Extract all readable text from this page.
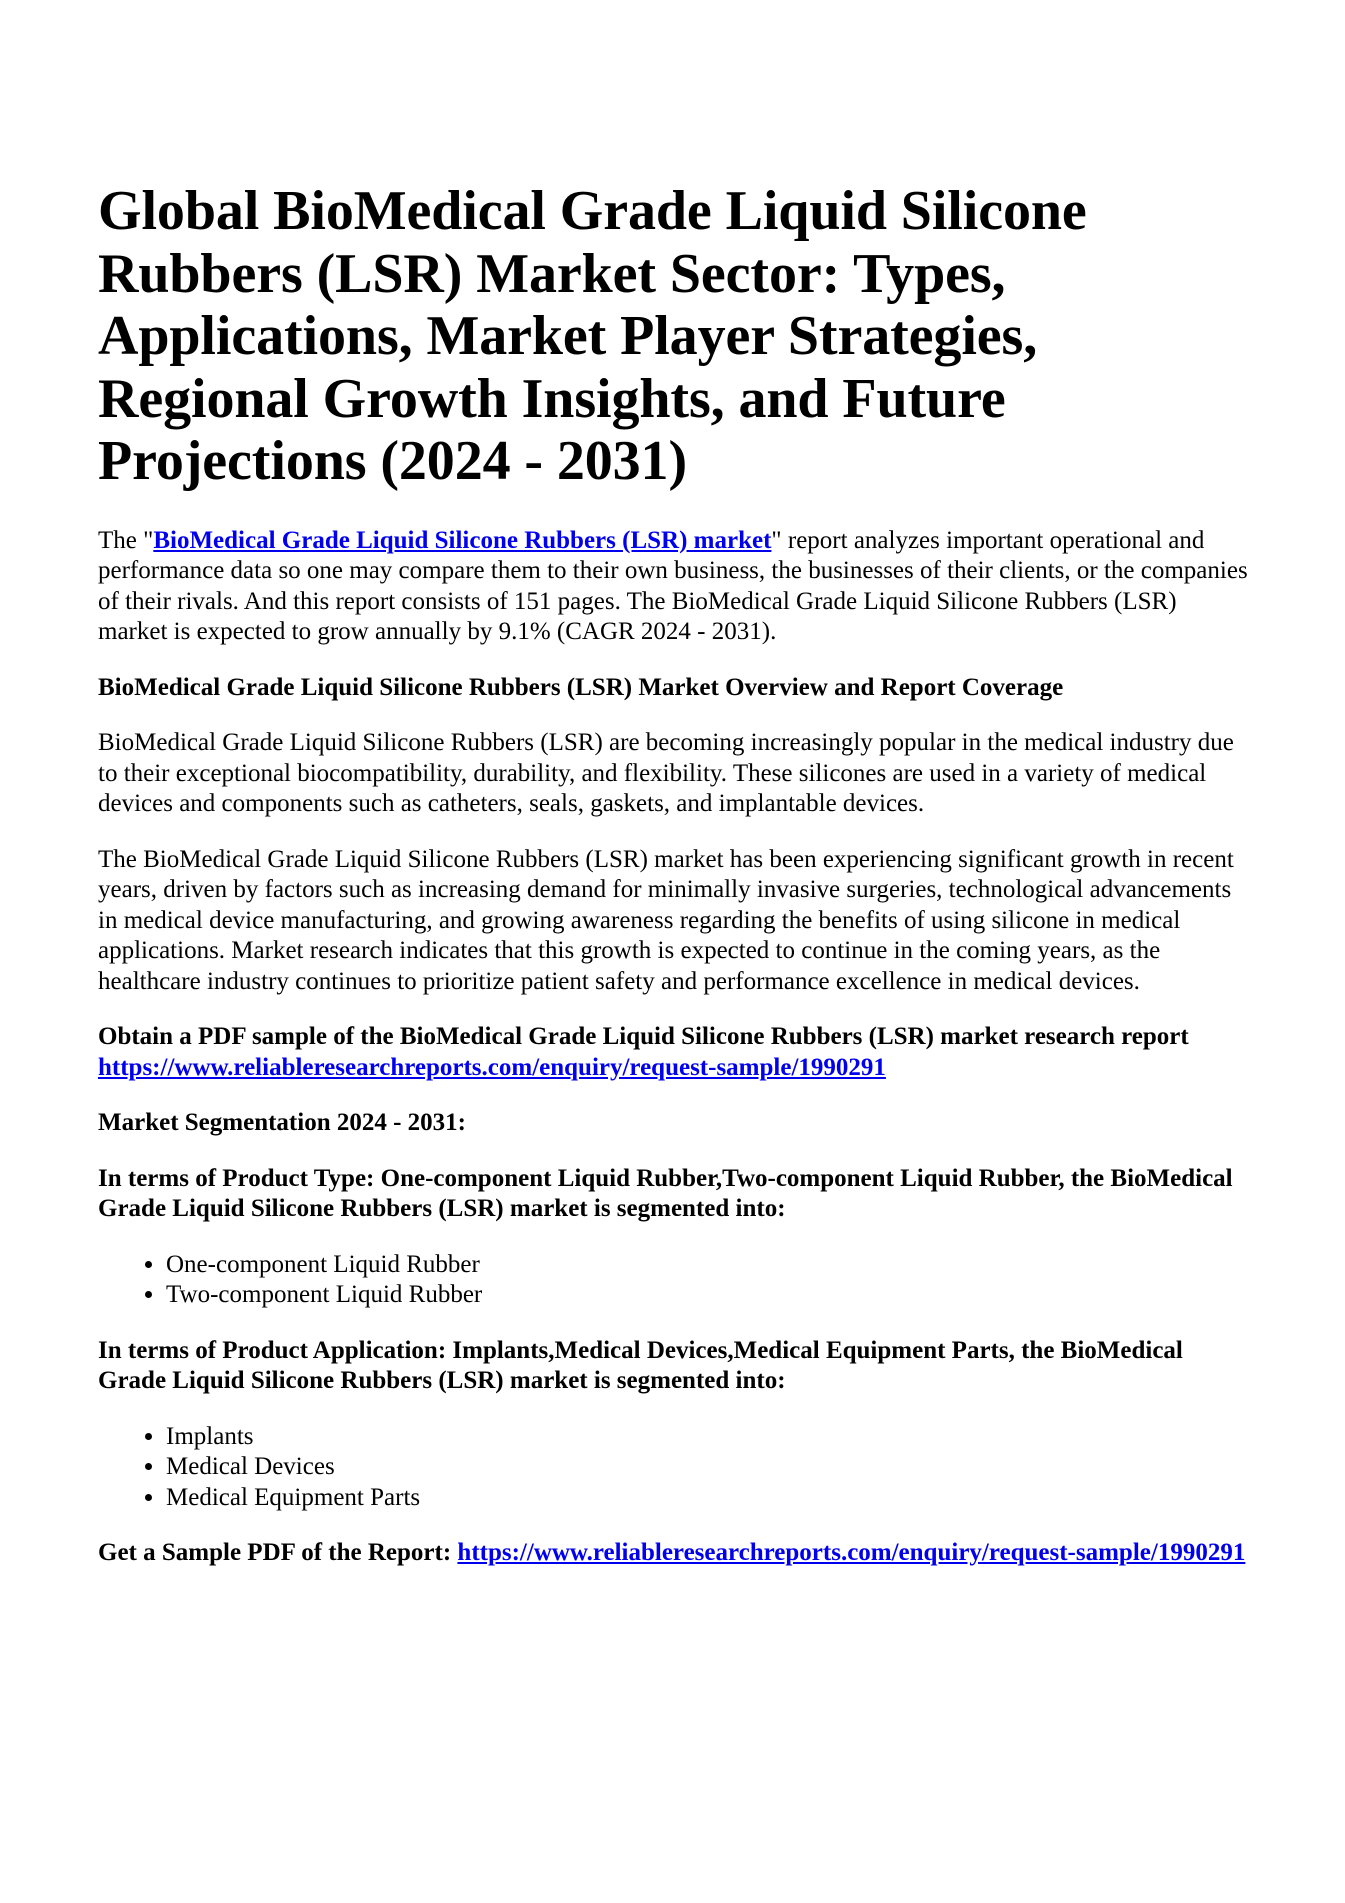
Global BioMedical Grade Liquid Silicone Rubbers (LSR) Market Sector: Types, Applications, Market Player Strategies, Regional Growth Insights, and Future Projections (2024 - 2031)

The "BioMedical Grade Liquid Silicone Rubbers (LSR) market" report analyzes important operational and performance data so one may compare them to their own business, the businesses of their clients, or the companies of their rivals. And this report consists of 151 pages. The BioMedical Grade Liquid Silicone Rubbers (LSR) market is expected to grow annually by 9.1% (CAGR 2024 - 2031).

BioMedical Grade Liquid Silicone Rubbers (LSR) Market Overview and Report Coverage

BioMedical Grade Liquid Silicone Rubbers (LSR) are becoming increasingly popular in the medical industry due to their exceptional biocompatibility, durability, and flexibility. These silicones are used in a variety of medical devices and components such as catheters, seals, gaskets, and implantable devices.

The BioMedical Grade Liquid Silicone Rubbers (LSR) market has been experiencing significant growth in recent years, driven by factors such as increasing demand for minimally invasive surgeries, technological advancements in medical device manufacturing, and growing awareness regarding the benefits of using silicone in medical applications. Market research indicates that this growth is expected to continue in the coming years, as the healthcare industry continues to prioritize patient safety and performance excellence in medical devices.

Obtain a PDF sample of the BioMedical Grade Liquid Silicone Rubbers (LSR) market research report https://www.reliableresearchreports.com/enquiry/request-sample/1990291

Market Segmentation 2024 - 2031:

In terms of Product Type: One-component Liquid Rubber,Two-component Liquid Rubber, the BioMedical Grade Liquid Silicone Rubbers (LSR) market is segmented into:

• One-component Liquid Rubber
• Two-component Liquid Rubber

In terms of Product Application: Implants,Medical Devices,Medical Equipment Parts, the BioMedical Grade Liquid Silicone Rubbers (LSR) market is segmented into:

• Implants
• Medical Devices
• Medical Equipment Parts

Get a Sample PDF of the Report: https://www.reliableresearchreports.com/enquiry/request-sample/1990291
